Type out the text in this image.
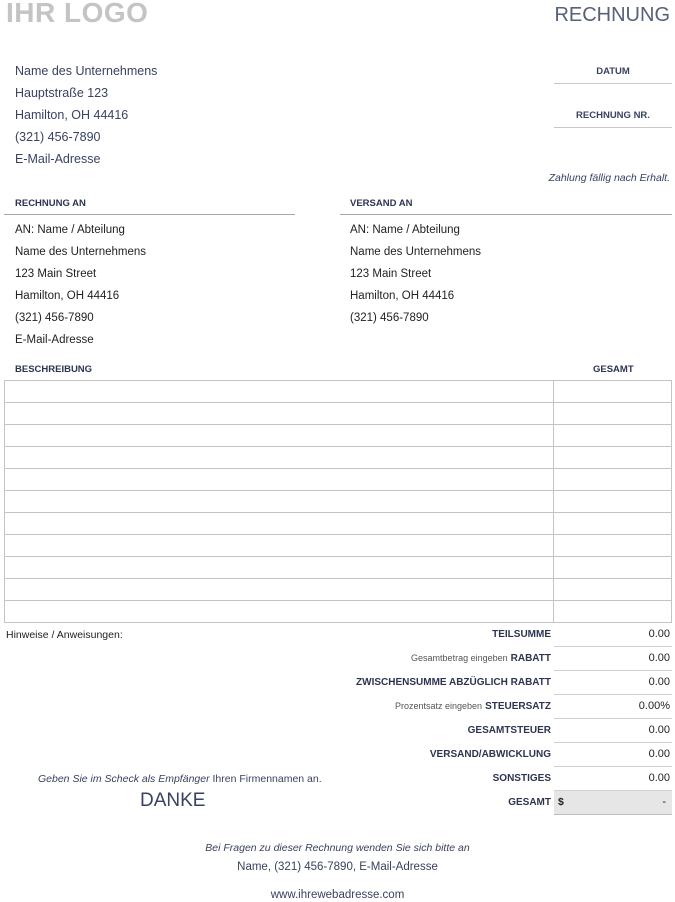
IHR LOGO	RECHNUNG
Name des Unternehmens
Hauptstraße 123
Hamilton, OH 44416
(321) 456-7890
E-Mail-Adresse
DATUM
RECHNUNG NR.
Zahlung fällig nach Erhalt.
RECHNUNG AN
AN: Name / Abteilung
Name des Unternehmens
123 Main Street
Hamilton, OH 44416
(321) 456-7890
E-Mail-Adresse
VERSAND AN
AN: Name / Abteilung
Name des Unternehmens
123 Main Street
Hamilton, OH 44416
(321) 456-7890
BESCHREIBUNG	GESAMT

Hinweise / Anweisungen:	TEILSUMME	0.00
Gesamtbetrag eingeben RABATT	0.00
ZWISCHENSUMME ABZÜGLICH RABATT	0.00
Prozentsatz eingeben STEUERSATZ	0.00%
GESAMTSTEUER	0.00
VERSAND/ABWICKLUNG	0.00
SONSTIGES	0.00
GESAMT $	-
Geben Sie im Scheck als Empfänger Ihren Firmennamen an.
DANKE
Bei Fragen zu dieser Rechnung wenden Sie sich bitte an
Name, (321) 456-7890, E-Mail-Adresse
www.ihrewebadresse.com
